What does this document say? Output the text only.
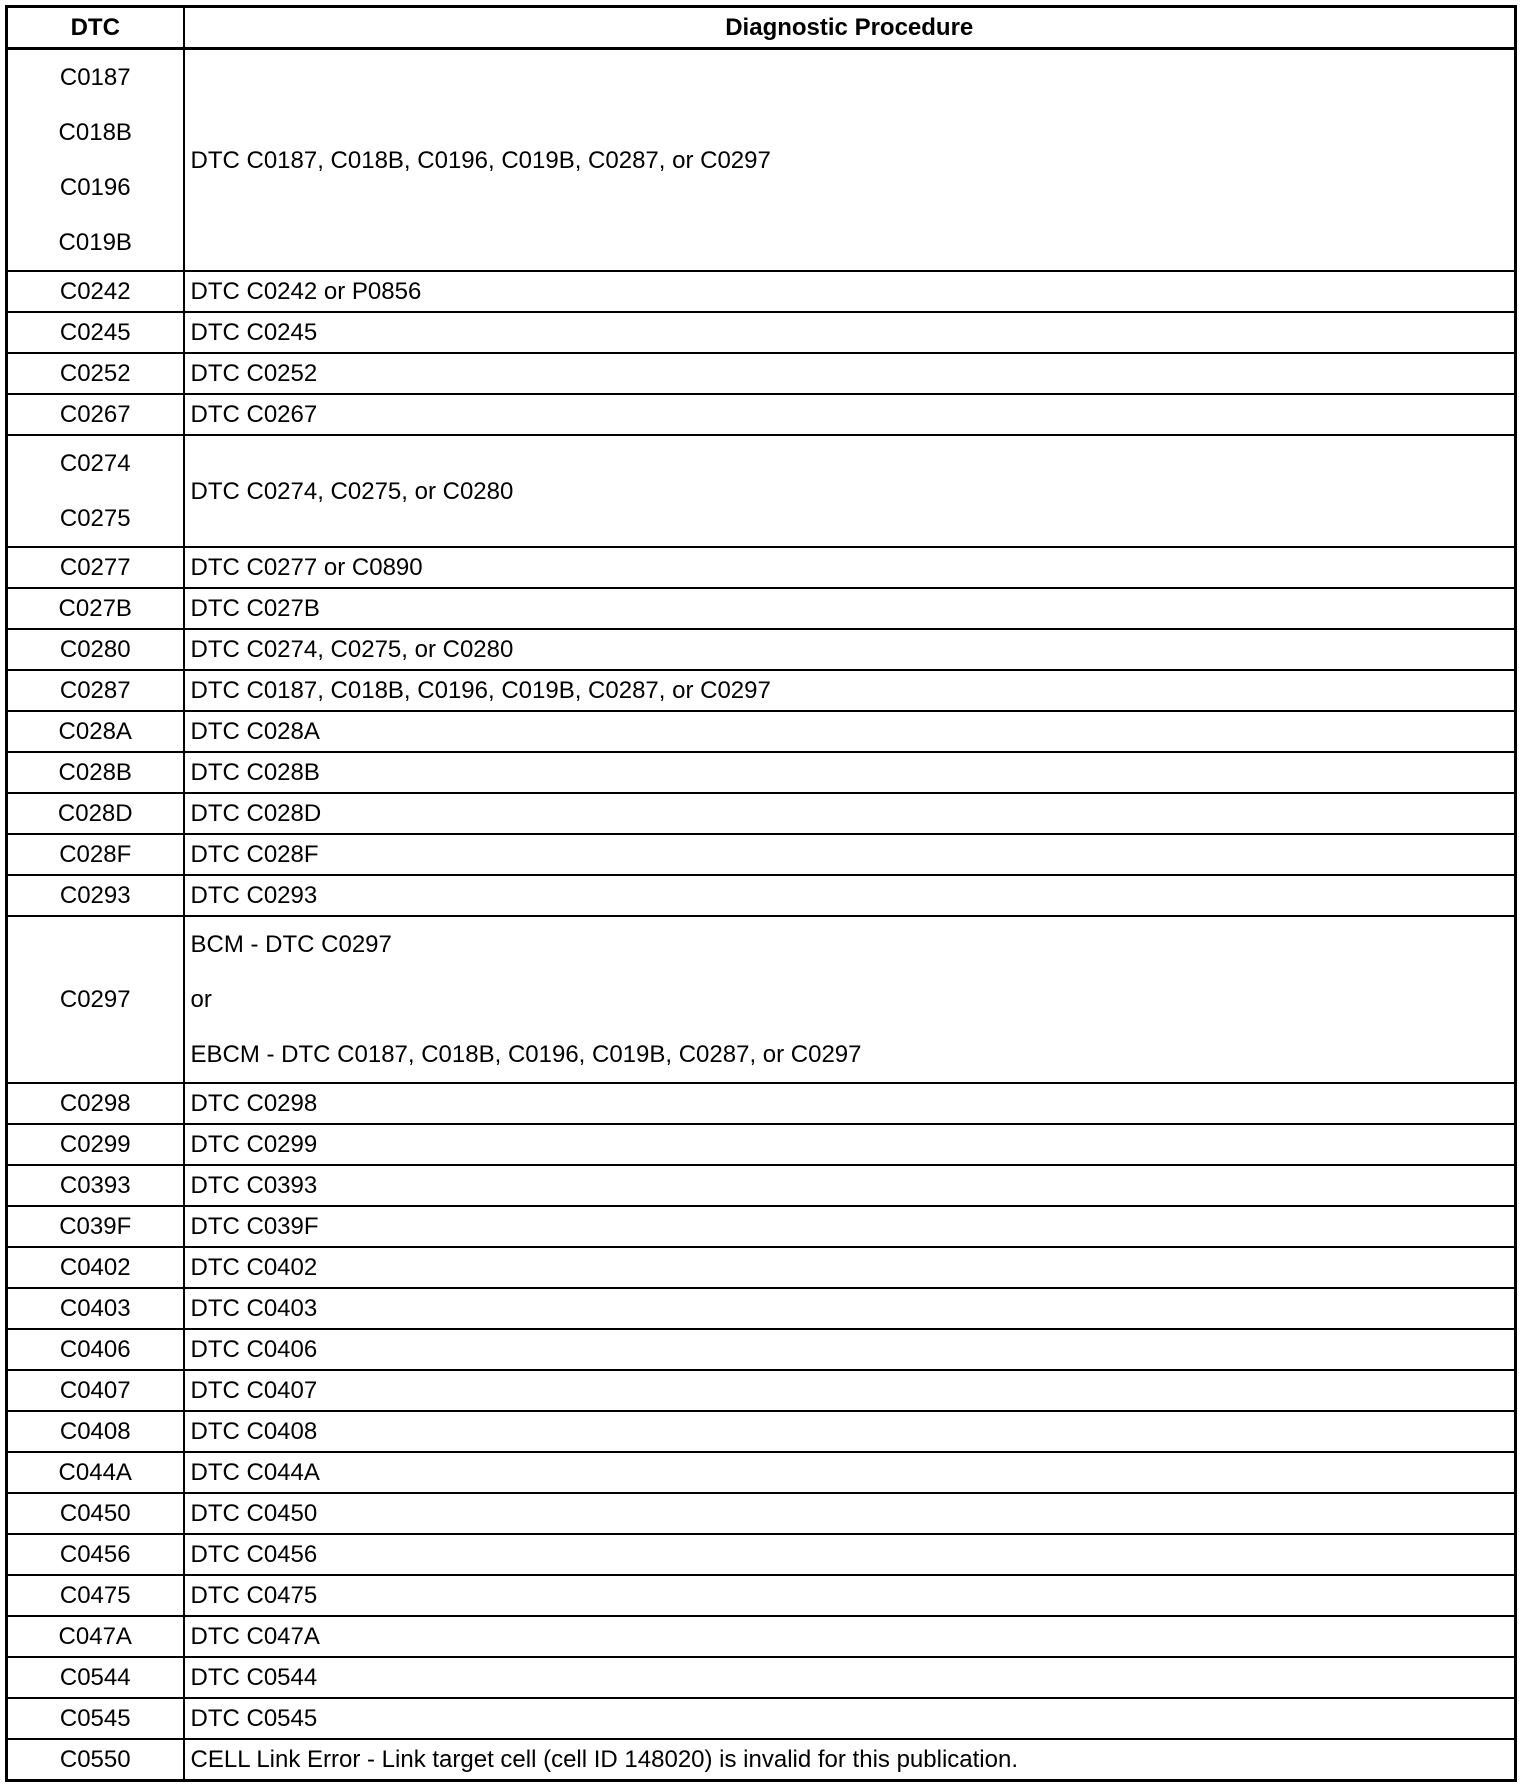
DTC	Diagnostic Procedure

C0187
C018B
C0196
C019B	DTC C0187, C018B, C0196, C019B, C0287, or C0297
C0242	DTC C0242 or P0856
C0245	DTC C0245
C0252	DTC C0252
C0267	DTC C0267

C0274
C0275	DTC C0274, C0275, or C0280
C0277	DTC C0277 or C0890
C027B	DTC C027B
C0280	DTC C0274, C0275, or C0280
C0287	DTC C0187, C018B, C0196, C019B, C0287, or C0297
C028A	DTC C028A
C028B	DTC C028B
C028D	DTC C028D
C028F	DTC C028F
C0293	DTC C0293
C0297	BCM - DTC C0297
or
EBCM - DTC C0187, C018B, C0196, C019B, C0287, or C0297

C0298	DTC C0298
C0299	DTC C0299
C0393	DTC C0393
C039F	DTC C039F
C0402	DTC C0402
C0403	DTC C0403
C0406	DTC C0406
C0407	DTC C0407
C0408	DTC C0408
C044A	DTC C044A
C0450	DTC C0450
C0456	DTC C0456
C0475	DTC C0475
C047A	DTC C047A
C0544	DTC C0544
C0545	DTC C0545
C0550	CELL Link Error - Link target cell (cell ID 148020) is invalid for this publication.
